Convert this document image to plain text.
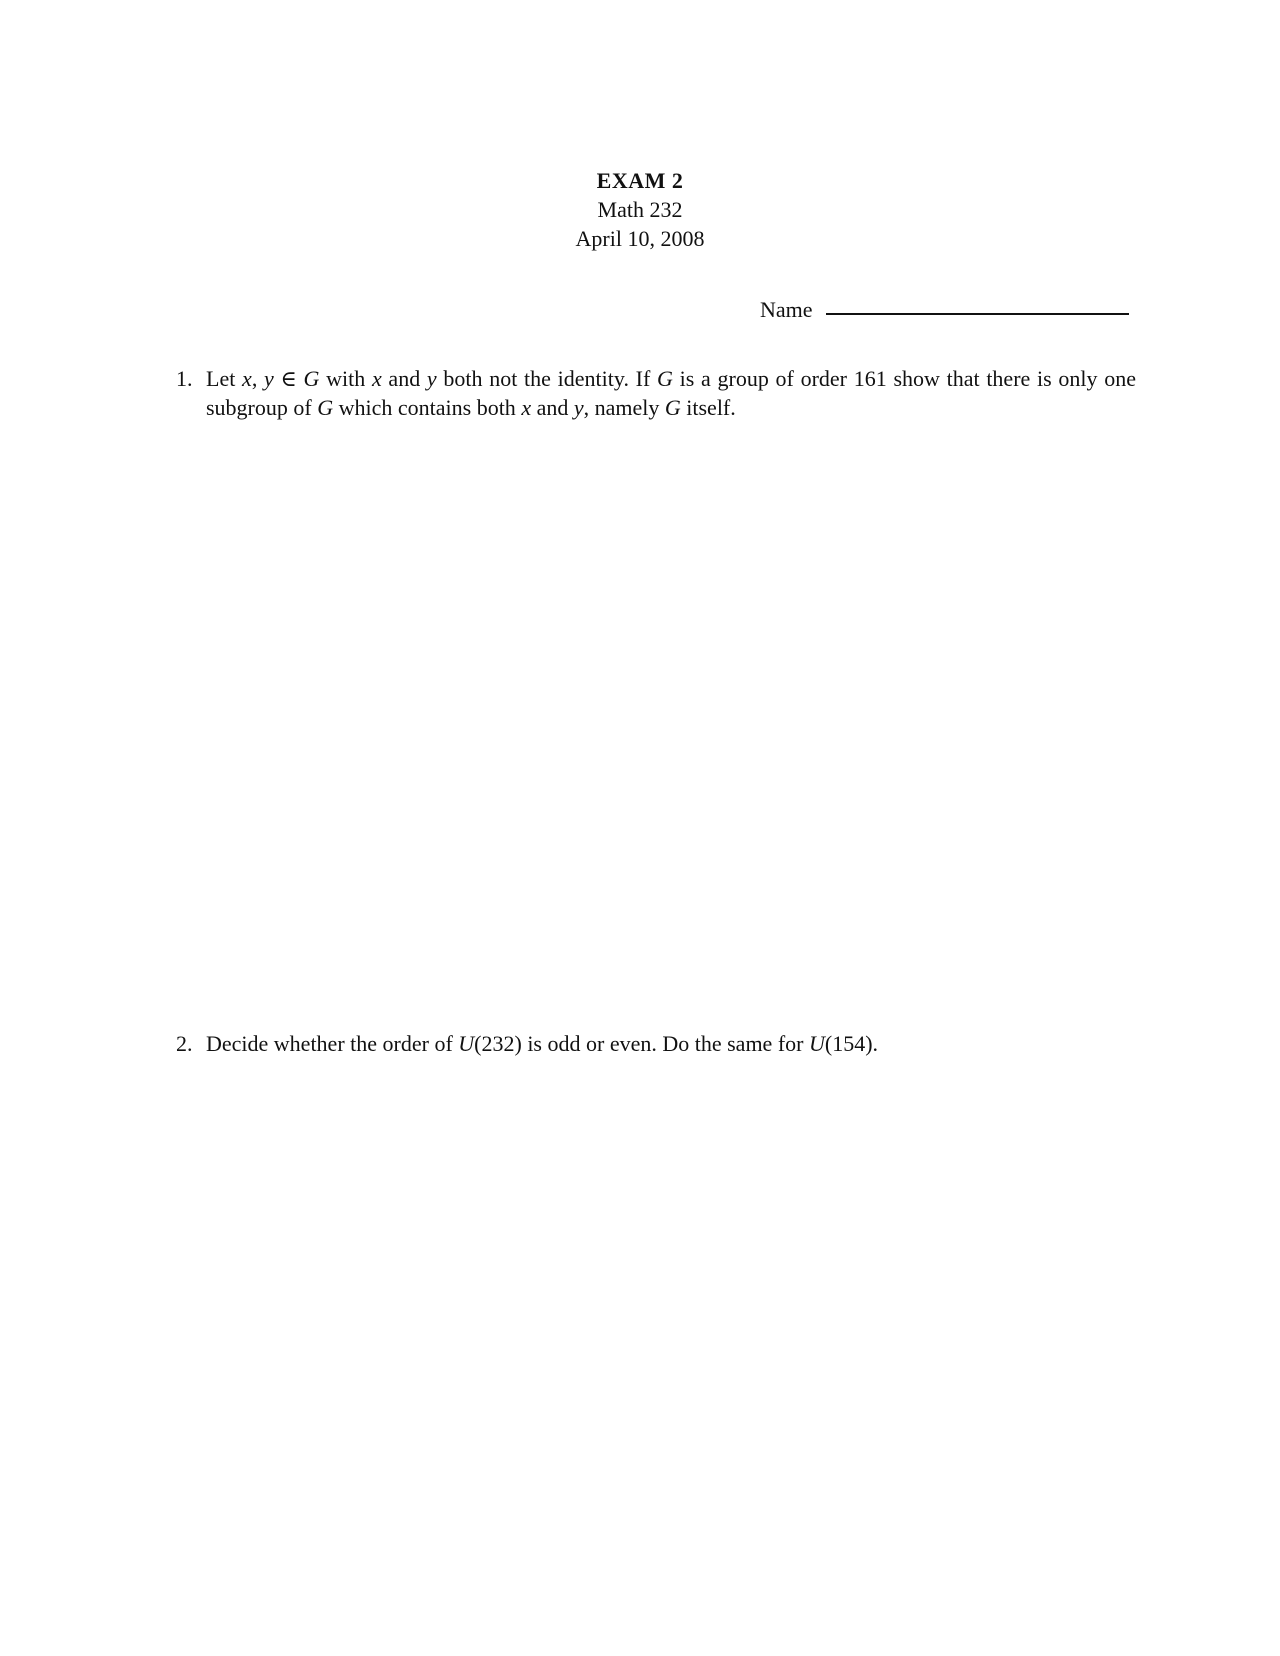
EXAM 2
Math 232
April 10, 2008
Name
1. Let x, y ∈ G with x and y both not the identity. If G is a group of order 161 show that there is only one subgroup of G which contains both x and y, namely G itself.
2. Decide whether the order of U(232) is odd or even. Do the same for U(154).
